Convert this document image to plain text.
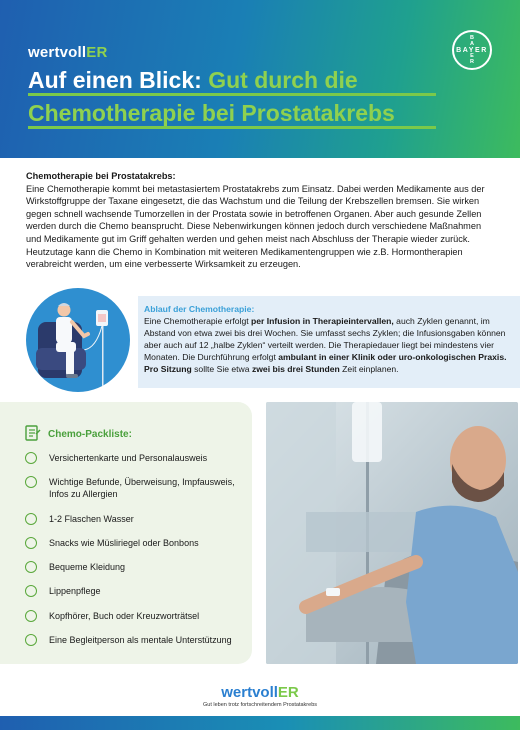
wertvollER	BAYER
B
A
E
R
Auf einen Blick: Gut durch die Chemotherapie bei Prostatakrebs
Chemotherapie bei Prostatakrebs:
Eine Chemotherapie kommt bei metastasiertem Prostatakrebs zum Einsatz. Dabei werden Medikamente aus der Wirkstoffgruppe der Taxane eingesetzt, die das Wachstum und die Teilung der Krebszellen bremsen. Sie wirken gegen schnell wachsende Tumorzellen in der Prostata sowie in betroffenen Organen. Aber auch gesunde Zellen werden durch die Chemo beansprucht. Diese Nebenwirkungen können jedoch durch verschiedene Maßnahmen und Medikamente gut im Griff gehalten werden und gehen meist nach Abschluss der Therapie wieder zurück. Heutzutage kann die Chemo in Kombination mit weiteren Medikamentengruppen wie z.B. Hormontherapien verabreicht werden, um eine verbesserte Wirksamkeit zu erzeugen.
Ablauf der Chemotherapie:
Eine Chemotherapie erfolgt per Infusion in Therapieintervallen, auch Zyklen genannt, im Abstand von etwa zwei bis drei Wochen. Sie umfasst sechs Zyklen; die Infusionsgaben können aber auch auf 12 „halbe Zyklen“ verteilt werden. Die Therapiedauer liegt bei mindestens vier Monaten. Die Durchführung erfolgt ambulant in einer Klinik oder uro-onkologischen Praxis. Pro Sitzung sollte Sie etwa zwei bis drei Stunden Zeit einplanen.
Chemo-Packliste:
Versichertenkarte und Personalausweis
Wichtige Befunde, Überweisung, Impfausweis, Infos zu Allergien
1-2 Flaschen Wasser
Snacks wie Müsliriegel oder Bonbons
Bequeme Kleidung
Lippenpflege
Kopfhörer, Buch oder Kreuzworträtsel
Eine Begleitperson als mentale Unterstützung
wertvollER
Gut leben trotz fortschreitendem Prostatakrebs
